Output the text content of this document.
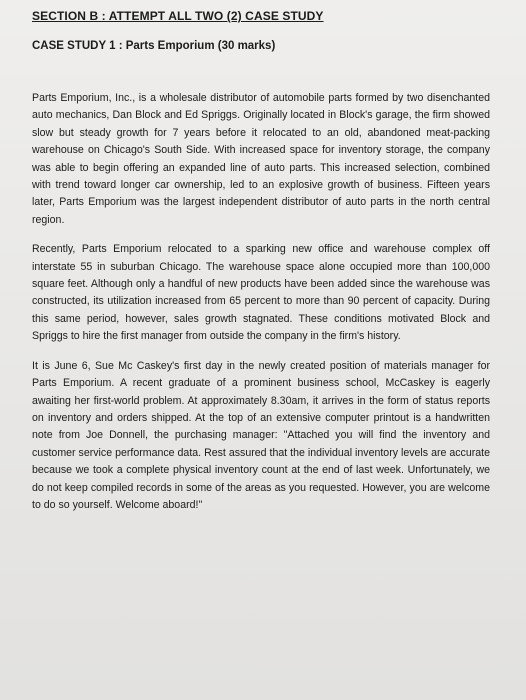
SECTION B : ATTEMPT ALL TWO (2) CASE STUDY
CASE STUDY 1 : Parts Emporium (30 marks)

Parts Emporium, Inc., is a wholesale distributor of automobile parts formed by two disenchanted auto mechanics, Dan Block and Ed Spriggs. Originally located in Block's garage, the firm showed slow but steady growth for 7 years before it relocated to an old, abandoned meat-packing warehouse on Chicago's South Side. With increased space for inventory storage, the company was able to begin offering an expanded line of auto parts. This increased selection, combined with trend toward longer car ownership, led to an explosive growth of business. Fifteen years later, Parts Emporium was the largest independent distributor of auto parts in the north central region.

Recently, Parts Emporium relocated to a sparking new office and warehouse complex off interstate 55 in suburban Chicago. The warehouse space alone occupied more than 100,000 square feet. Although only a handful of new products have been added since the warehouse was constructed, its utilization increased from 65 percent to more than 90 percent of capacity. During this same period, however, sales growth stagnated. These conditions motivated Block and Spriggs to hire the first manager from outside the company in the firm's history.

It is June 6, Sue Mc Caskey's first day in the newly created position of materials manager for Parts Emporium. A recent graduate of a prominent business school, McCaskey is eagerly awaiting her first-world problem. At approximately 8.30am, it arrives in the form of status reports on inventory and orders shipped. At the top of an extensive computer printout is a handwritten note from Joe Donnell, the purchasing manager: "Attached you will find the inventory and customer service performance data. Rest assured that the individual inventory levels are accurate because we took a complete physical inventory count at the end of last week. Unfortunately, we do not keep compiled records in some of the areas as you requested. However, you are welcome to do so yourself. Welcome aboard!"
